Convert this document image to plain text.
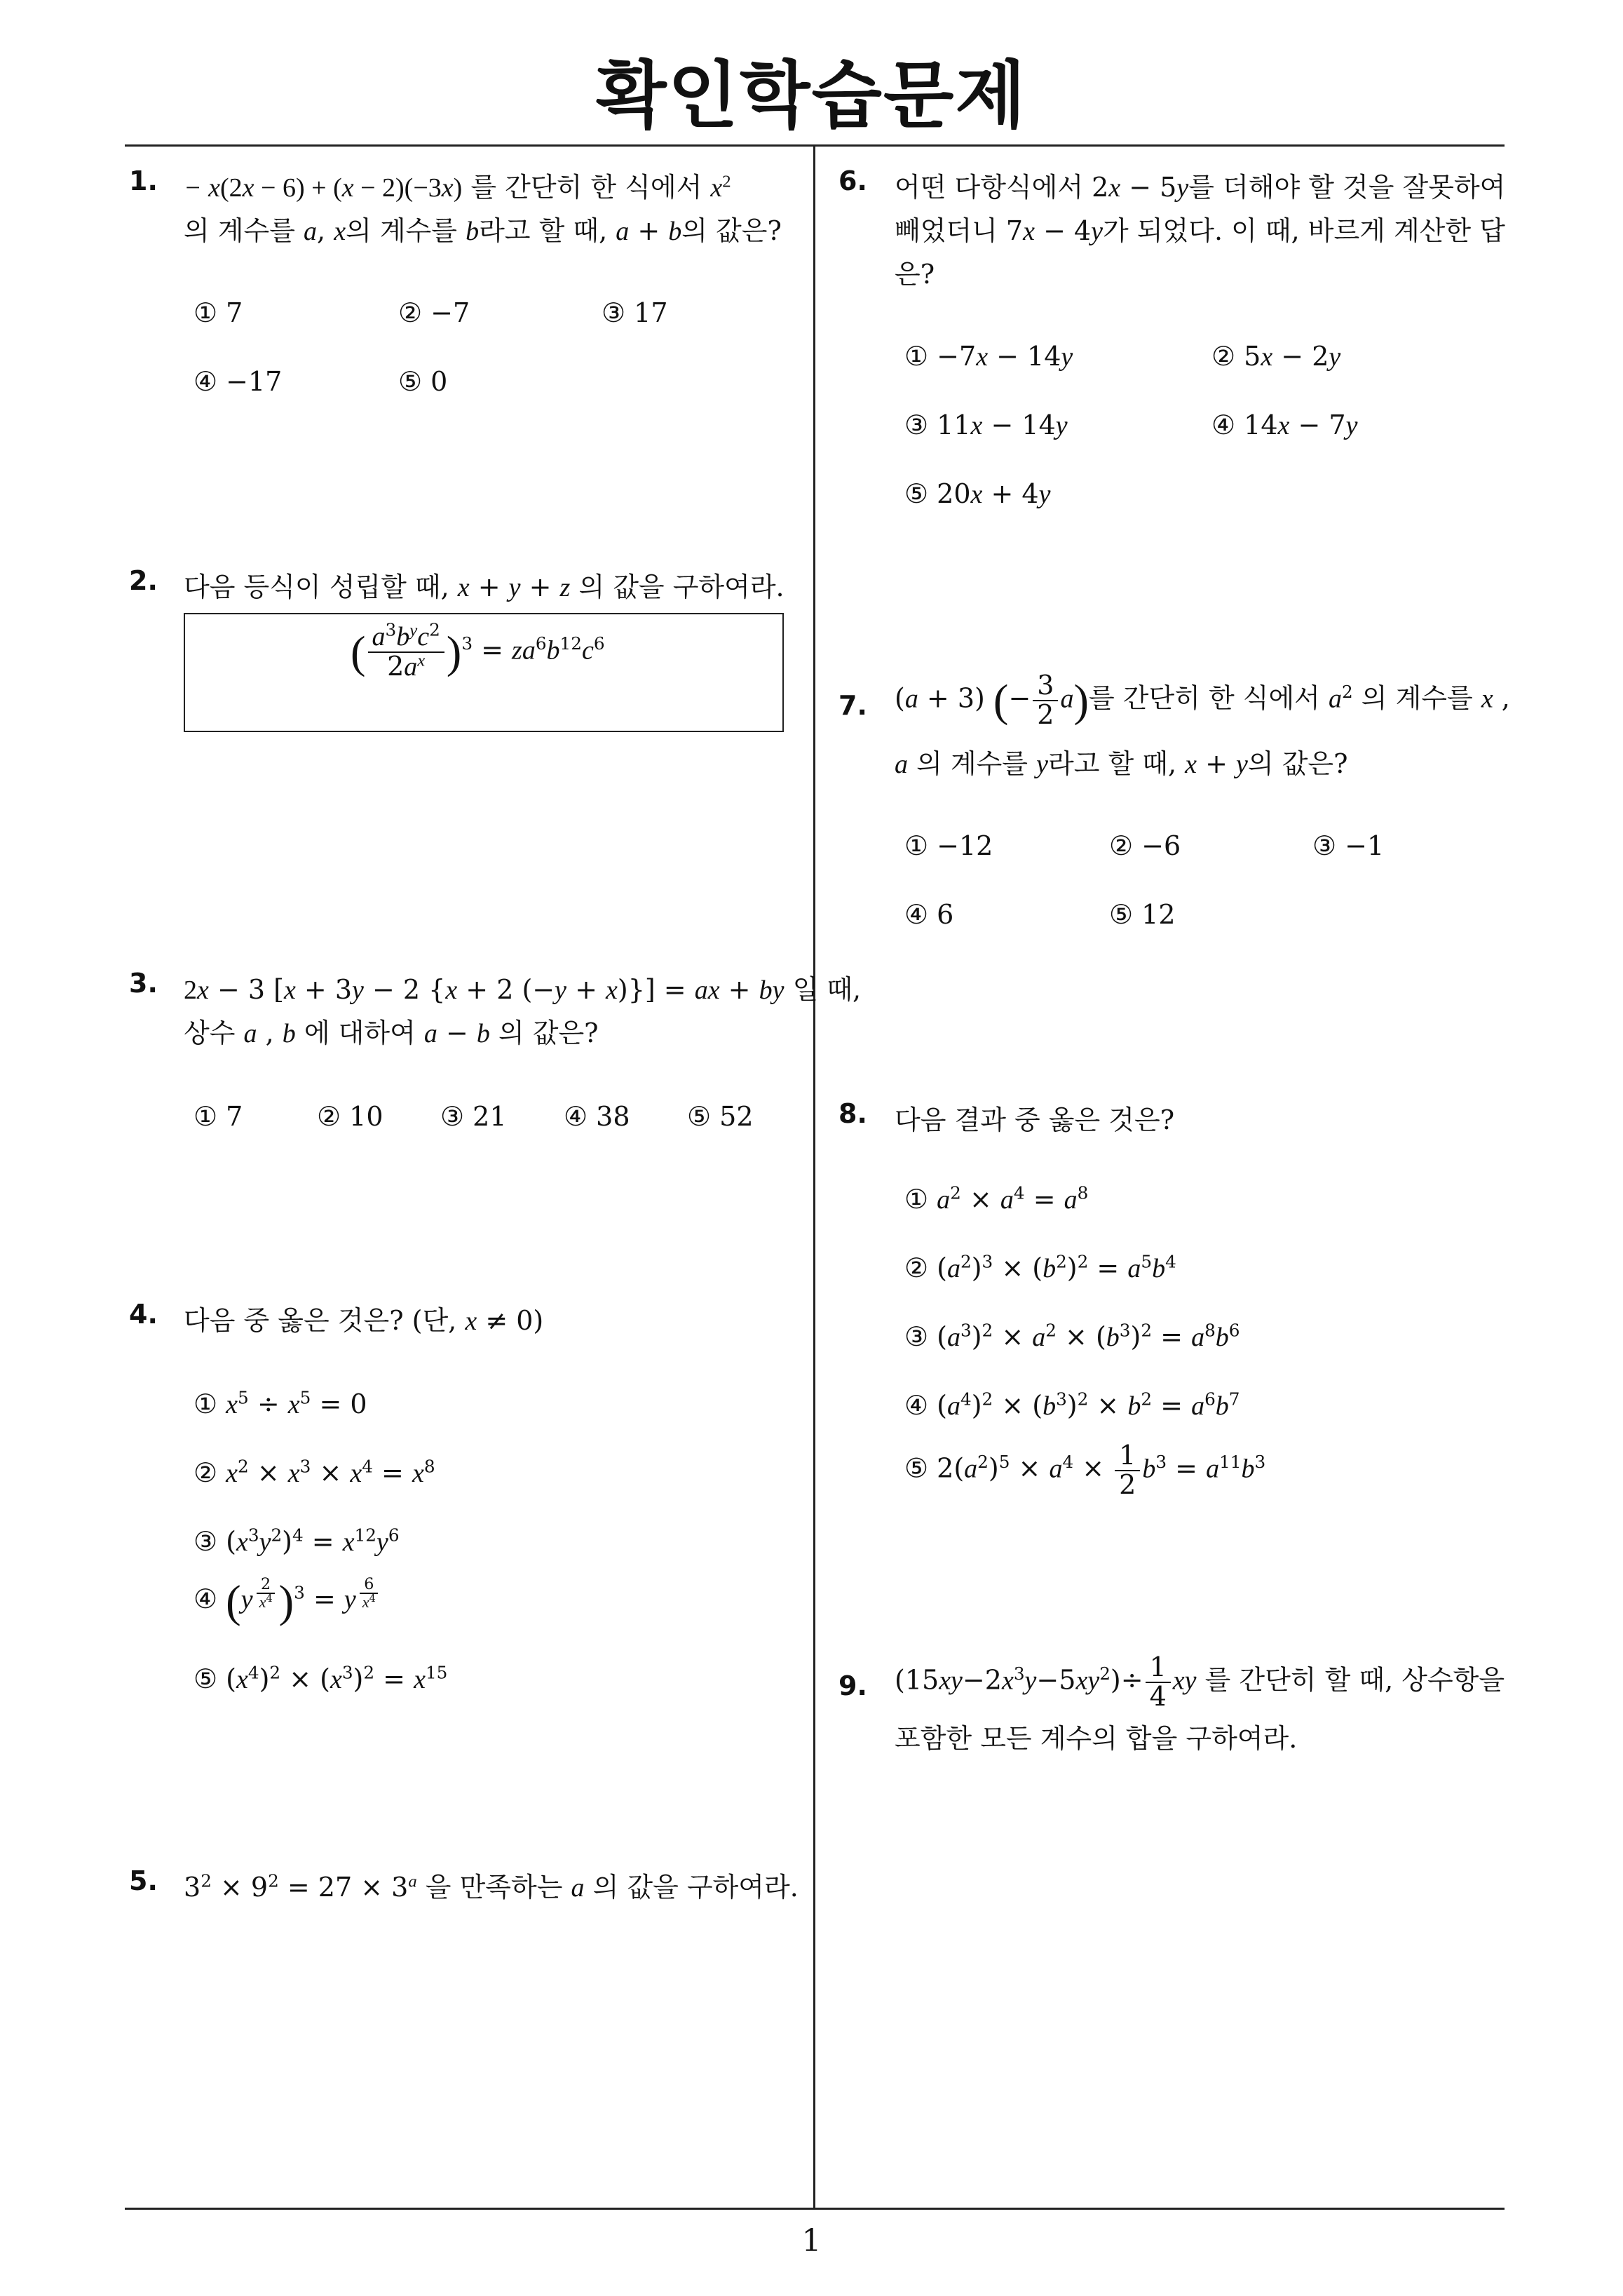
확인학습문제
1. − x(2x − 6) + (x − 2)(−3x) 를 간단히 한 식에서 $x^2$
의 계수를 a, x의 계수를 b라고 할 때, a + b의 값은?
① 7	② −7	③ 17
④ −17	⑤ 0
2. 다음 등식이 성립할 때, x + y + z 의 값을 구하여라.
( $\frac{a^3b^yc^2}{2a^x} )^3 = za^6b^{12}c^6$
3. 2x − 3 [x + 3y − 2 {x + 2 (−y + x)}] = ax + by 일 때,
상수 a , b 에 대하여 a − b 의 값은?
① 7	② 10 ③ 21 ④ 38 ⑤ 52
4. 다음 중 옳은 것은? (단, x ≠ 0)
① $x^5 \div x^5 = 0$
② $x^2 \times x^3 \times x^4 = x^8$
③ $(x^3y^2)^4 = x^{12}y^6$
④ (y $^{\frac{2}{x^4}}$ )$^3$ = y $^{\frac{6}{x^4}}$
⑤ $(x^4)^2 \times (x^3)^2 = x^{15}$
5. $3^2 \times 9^2 = 27 \times 3^a$ 을 만족하는 a 의 값을 구하여라.
6. 어떤 다항식에서 2x − 5y를 더해야 할 것을 잘못하여
빼었더니 7x − 4y가 되었다. 이 때, 바르게 계산한 답
은?
① −7x − 14y	② 5x − 2y
③ 11x − 14y	④ 14x − 7y
⑤ 20x + 4y
7. (a + 3) (− $\frac{3}{2} a$)를 간단히 한 식에서 $a^2$ 의 계수를 x ,
a 의 계수를 y라고 할 때, x + y의 값은?
① −12	② −6	③ −1
④ 6	⑤ 12
8. 다음 결과 중 옳은 것은?
① $a^2 \times a^4 = a^8$
② $(a^2)^3 \times (b^2)^2 = a^5b^4$
③ $(a^3)^2 \times a^2 \times (b^3)^2 = a^8b^6$
④ $(a^4)^2 \times (b^3)^2 \times b^2 = a^6b^7$
⑤ $2(a^2)^5 \times a^4 \times \frac{1}{2} b^3 = a^{11}b^3$
9. $(15xy-2x^3y-5xy^2)\div \frac{1}{4}$ xy 를 간단히 할 때, 상수항을
포함한 모든 계수의 합을 구하여라.
1
